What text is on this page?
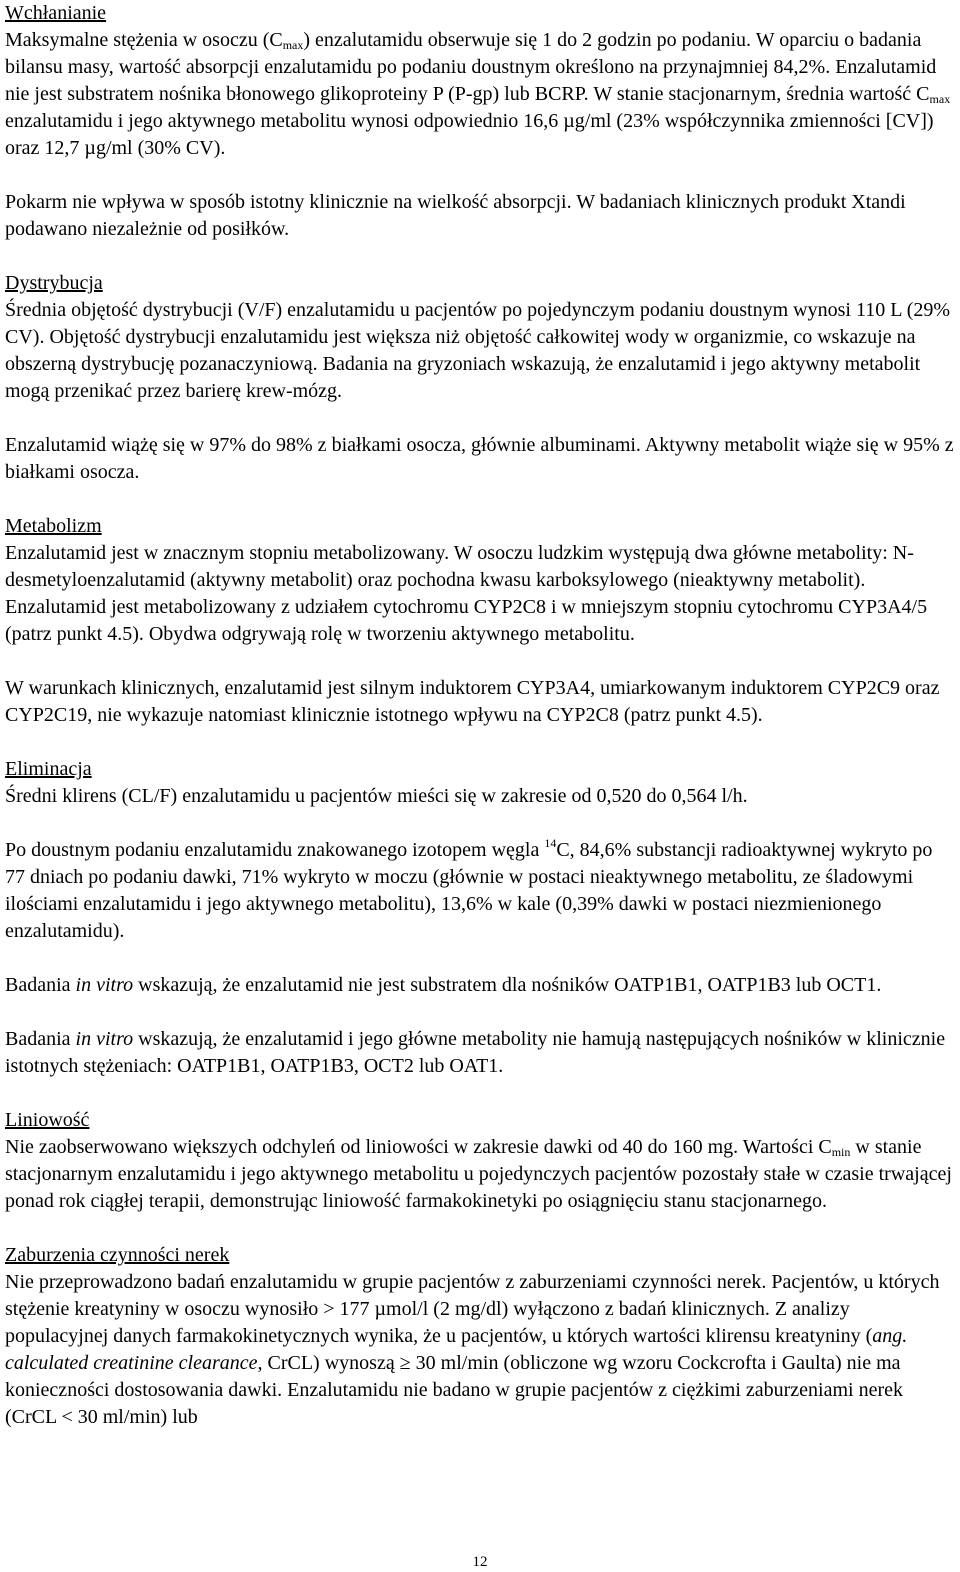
Wchłanianie
Maksymalne stężenia w osoczu $(C_{max})$ enzalutamidu obserwuje się 1 do 2 godzin po podaniu. W oparciu o badania bilansu masy, wartość absorpcji enzalutamidu po podaniu doustnym określono na przynajmniej 84,2%. Enzalutamid nie jest substratem nośnika błonowego glikoproteiny P (P-gp) lub BCRP. W stanie stacjonarnym, średnia wartość $C_{max}$ enzalutamidu i jego aktywnego metabolitu wynosi odpowiednio 16,6 µg/ml (23% współczynnika zmienności [CV]) oraz 12,7 µg/ml (30% CV).
Pokarm nie wpływa w sposób istotny klinicznie na wielkość absorpcji. W badaniach klinicznych produkt Xtandi podawano niezależnie od posiłków.
Dystrybucja
Średnia objętość dystrybucji (V/F) enzalutamidu u pacjentów po pojedynczym podaniu doustnym wynosi 110 L (29% CV). Objętość dystrybucji enzalutamidu jest większa niż objętość całkowitej wody w organizmie, co wskazuje na obszerną dystrybucję pozanaczyniową. Badania na gryzoniach wskazują, że enzalutamid i jego aktywny metabolit mogą przenikać przez barierę krew-mózg.
Enzalutamid wiążę się w 97% do 98% z białkami osocza, głównie albuminami. Aktywny metabolit wiąże się w 95% z białkami osocza.
Metabolizm
Enzalutamid jest w znacznym stopniu metabolizowany. W osoczu ludzkim występują dwa główne metabolity: N-desmetyloenzalutamid (aktywny metabolit) oraz pochodna kwasu karboksylowego (nieaktywny metabolit). Enzalutamid jest metabolizowany z udziałem cytochromu CYP2C8 i w mniejszym stopniu cytochromu CYP3A4/5 (patrz punkt 4.5). Obydwa odgrywają rolę w tworzeniu aktywnego metabolitu.
W warunkach klinicznych, enzalutamid jest silnym induktorem CYP3A4, umiarkowanym induktorem CYP2C9 oraz CYP2C19, nie wykazuje natomiast klinicznie istotnego wpływu na CYP2C8 (patrz punkt 4.5).
Eliminacja
Średni klirens (CL/F) enzalutamidu u pacjentów mieści się w zakresie od 0,520 do 0,564 l/h.
Po doustnym podaniu enzalutamidu znakowanego izotopem węgla $^{14}$C, 84,6% substancji radioaktywnej wykryto po 77 dniach po podaniu dawki, 71% wykryto w moczu (głównie w postaci nieaktywnego metabolitu, ze śladowymi ilościami enzalutamidu i jego aktywnego metabolitu), 13,6% w kale (0,39% dawki w postaci niezmienionego enzalutamidu).
Badania in vitro wskazują, że enzalutamid nie jest substratem dla nośników OATP1B1, OATP1B3 lub OCT1.
Badania in vitro wskazują, że enzalutamid i jego główne metabolity nie hamują następujących nośników w klinicznie istotnych stężeniach: OATP1B1, OATP1B3, OCT2 lub OAT1.
Liniowość
Nie zaobserwowano większych odchyleń od liniowości w zakresie dawki od 40 do 160 mg. Wartości $C_{min}$ w stanie stacjonarnym enzalutamidu i jego aktywnego metabolitu u pojedynczych pacjentów pozostały stałe w czasie trwającej ponad rok ciągłej terapii, demonstrując liniowość farmakokinetyki po osiągnięciu stanu stacjonarnego.
Zaburzenia czynności nerek
Nie przeprowadzono badań enzalutamidu w grupie pacjentów z zaburzeniami czynności nerek. Pacjentów, u których stężenie kreatyniny w osoczu wynosiło > 177 µmol/l (2 mg/dl) wyłączono z badań klinicznych. Z analizy populacyjnej danych farmakokinetycznych wynika, że u pacjentów, u których wartości klirensu kreatyniny (ang. calculated creatinine clearance, CrCL) wynoszą ≥ 30 ml/min (obliczone wg wzoru Cockcrofta i Gaulta) nie ma konieczności dostosowania dawki. Enzalutamidu nie badano w grupie pacjentów z ciężkimi zaburzeniami nerek (CrCL < 30 ml/min) lub
12
